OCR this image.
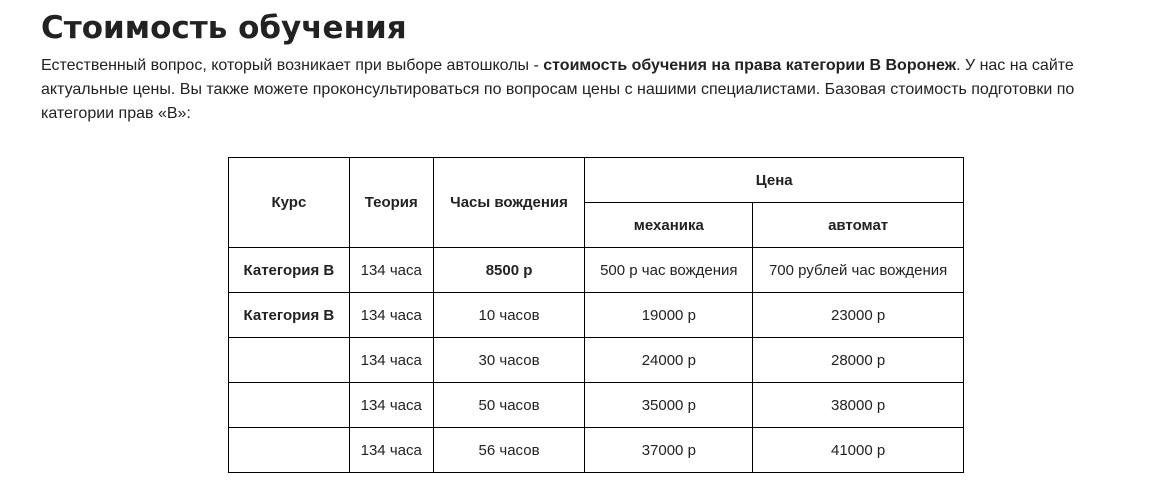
Стоимость обучения

Естественный вопрос, который возникает при выборе автошколы - стоимость обучения на права категории В Воронеж. У нас на сайте актуальные цены. Вы также можете проконсультироваться по вопросам цены с нашими специалистами. Базовая стоимость подготовки по категории прав «В»:

Курс	Теория	Часы вождения	Цена	
			механика	автомат
Категория В	134 часа	8500 р	500 р час вождения	700 рублей час вождения
Категория В	134 часа	10 часов	19000 р	23000 р
	134 часа	30 часов	24000 р	28000 р
	134 часа	50 часов	35000 р	38000 р
	134 часа	56 часов	37000 р	41000 р
